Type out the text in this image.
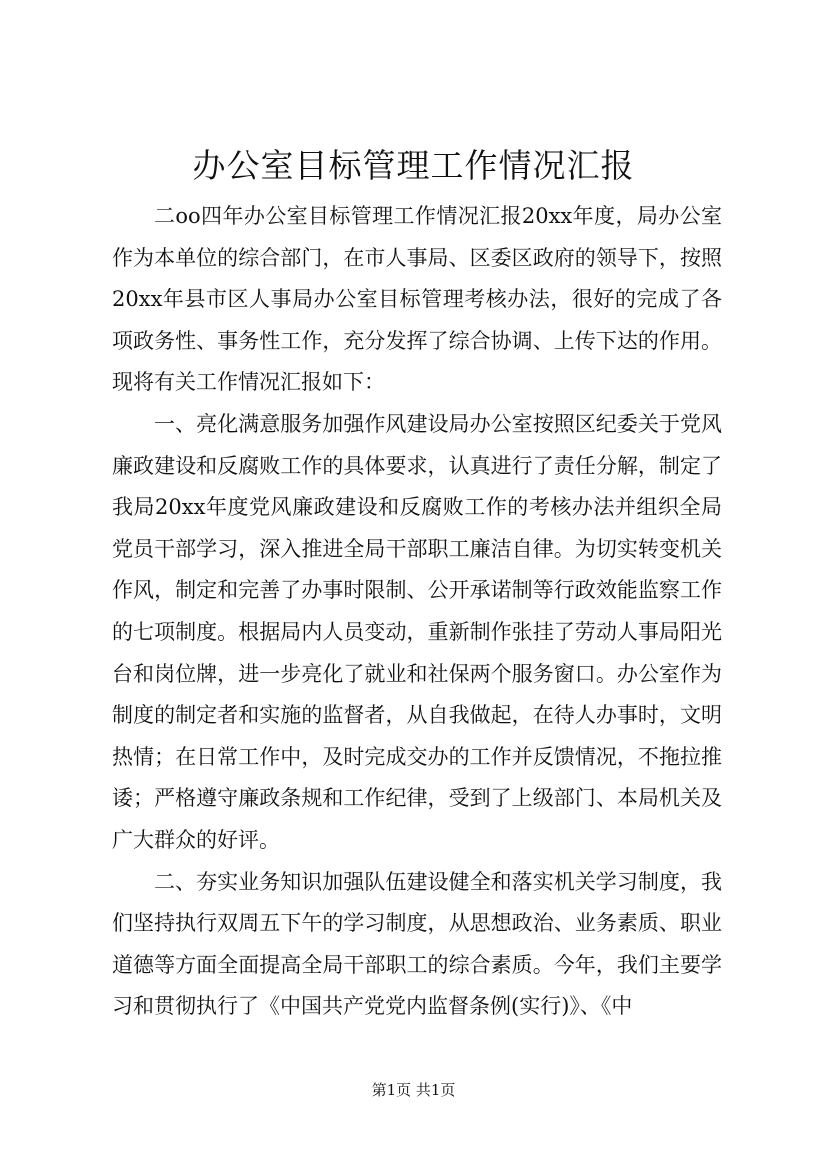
办公室目标管理工作情况汇报

二oo四年办公室目标管理工作情况汇报20xx年度，局办公室作为本单位的综合部门，在市人事局、区委区政府的领导下，按照20xx年县市区人事局办公室目标管理考核办法，很好的完成了各项政务性、事务性工作，充分发挥了综合协调、上传下达的作用。现将有关工作情况汇报如下：

一、亮化满意服务加强作风建设局办公室按照区纪委关于党风廉政建设和反腐败工作的具体要求，认真进行了责任分解，制定了我局20xx年度党风廉政建设和反腐败工作的考核办法并组织全局党员干部学习，深入推进全局干部职工廉洁自律。为切实转变机关作风，制定和完善了办事时限制、公开承诺制等行政效能监察工作的七项制度。根据局内人员变动，重新制作张挂了劳动人事局阳光台和岗位牌，进一步亮化了就业和社保两个服务窗口。办公室作为制度的制定者和实施的监督者，从自我做起，在待人办事时，文明热情；在日常工作中，及时完成交办的工作并反馈情况，不拖拉推诿；严格遵守廉政条规和工作纪律，受到了上级部门、本局机关及广大群众的好评。

二、夯实业务知识加强队伍建设健全和落实机关学习制度，我们坚持执行双周五下午的学习制度，从思想政治、业务素质、职业道德等方面全面提高全局干部职工的综合素质。今年，我们主要学习和贯彻执行了《中国共产党党内监督条例(实行)》、《中

第1页 共1页
